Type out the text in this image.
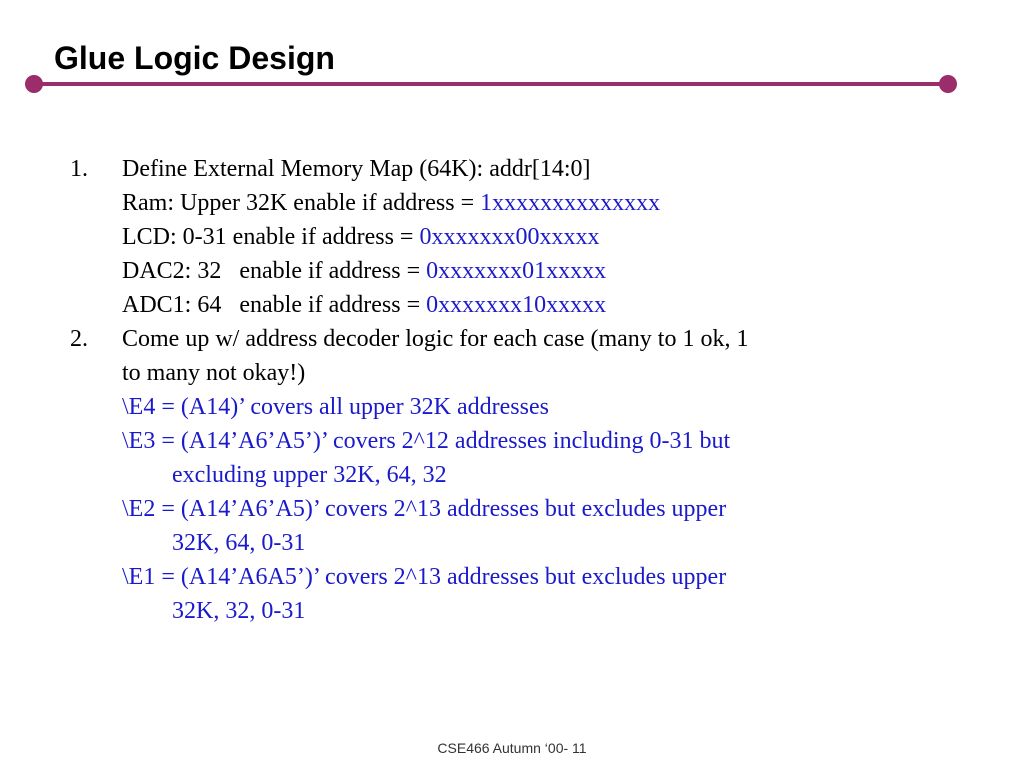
Glue Logic Design
1. Define External Memory Map (64K): addr[14:0]
Ram: Upper 32K enable if address = 1xxxxxxxxxxxxxx
LCD: 0-31 enable if address = 0xxxxxxx00xxxxx
DAC2: 32   enable if address = 0xxxxxxx01xxxxx
ADC1: 64   enable if address = 0xxxxxxx10xxxxx
2. Come up w/ address decoder logic for each case (many to 1 ok, 1
to many not okay!)
\E4 = (A14)’ covers all upper 32K addresses
\E3 = (A14’A6’A5’)’ covers 2^12 addresses including 0-31 but
excluding upper 32K, 64, 32
\E2 = (A14’A6’A5)’ covers 2^13 addresses but excludes upper
32K, 64, 0-31
\E1 = (A14’A6A5’)’ covers 2^13 addresses but excludes upper
32K, 32, 0-31
CSE466 Autumn ‘00- 11
